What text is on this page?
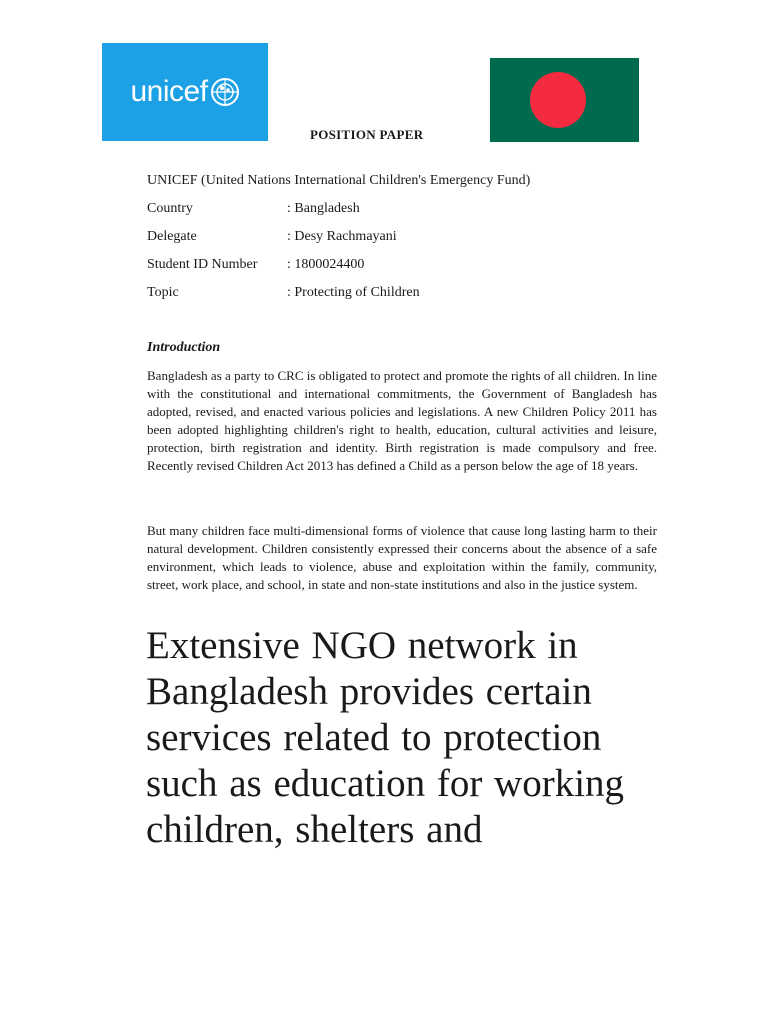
unicef
POSITION PAPER
UNICEF (United Nations International Children's Emergency Fund)
Country	: Bangladesh
Delegate	: Desy Rachmayani
Student ID Number	: 1800024400
Topic	: Protecting of Children
Introduction

Bangladesh as a party to CRC is obligated to protect and promote the rights of all children. In line with the constitutional and international commitments, the Government of Bangladesh has adopted, revised, and enacted various policies and legislations. A new Children Policy 2011 has been adopted highlighting children's right to health, education, cultural activities and leisure, protection, birth registration and identity. Birth registration is made compulsory and free. Recently revised Children Act 2013 has defined a Child as a person below the age of 18 years.

But many children face multi-dimensional forms of violence that cause long lasting harm to their natural development. Children consistently expressed their concerns about the absence of a safe environment, which leads to violence, abuse and exploitation within the family, community, street, work place, and school, in state and non-state institutions and also in the justice system.

Extensive NGO network in Bangladesh provides certain services related to protection such as education for working children, shelters and
